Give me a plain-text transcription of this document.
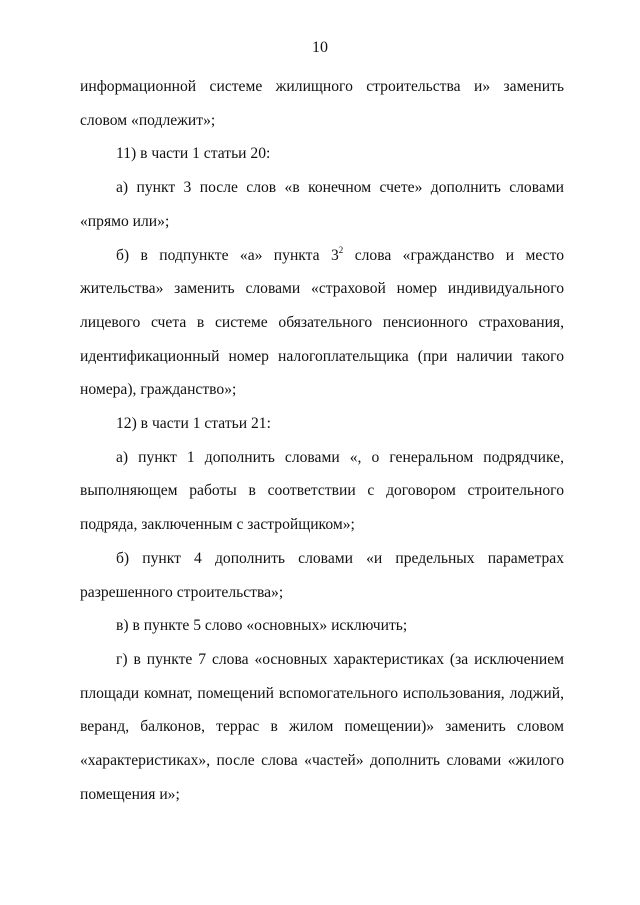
10

информационной системе жилищного строительства и» заменить словом «подлежит»;

11) в части 1 статьи 20:

а) пункт 3 после слов «в конечном счете» дополнить словами «прямо или»;

б) в подпункте «а» пункта $3^2$ слова «гражданство и место жительства» заменить словами «страховой номер индивидуального лицевого счета в системе обязательного пенсионного страхования, идентификационный номер налогоплательщика (при наличии такого номера), гражданство»;

12) в части 1 статьи 21:

а) пункт 1 дополнить словами «, о генеральном подрядчике, выполняющем работы в соответствии с договором строительного подряда, заключенным с застройщиком»;

б) пункт 4 дополнить словами «и предельных параметрах разрешенного строительства»;

в) в пункте 5 слово «основных» исключить;

г) в пункте 7 слова «основных характеристиках (за исключением площади комнат, помещений вспомогательного использования, лоджий, веранд, балконов, террас в жилом помещении)» заменить словом «характеристиках», после слова «частей» дополнить словами «жилого помещения и»;
